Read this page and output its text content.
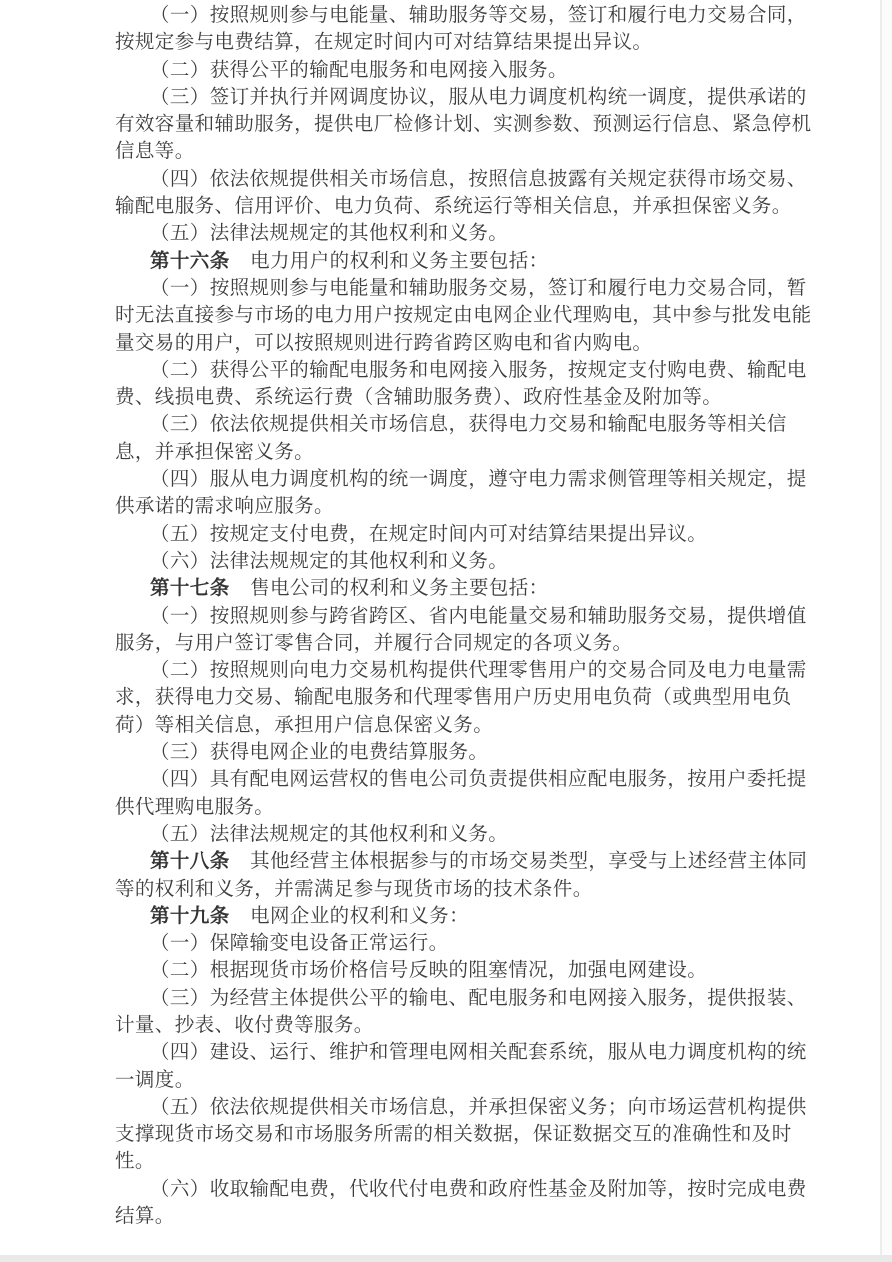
（一）按照规则参与电能量、辅助服务等交易，签订和履行电力交易合同，
按规定参与电费结算，在规定时间内可对结算结果提出异议。
（二）获得公平的输配电服务和电网接入服务。
（三）签订并执行并网调度协议，服从电力调度机构统一调度，提供承诺的
有效容量和辅助服务，提供电厂检修计划、实测参数、预测运行信息、紧急停机
信息等。
（四）依法依规提供相关市场信息，按照信息披露有关规定获得市场交易、
输配电服务、信用评价、电力负荷、系统运行等相关信息，并承担保密义务。
（五）法律法规规定的其他权利和义务。
第十六条 电力用户的权利和义务主要包括：
（一）按照规则参与电能量和辅助服务交易，签订和履行电力交易合同，暂
时无法直接参与市场的电力用户按规定由电网企业代理购电，其中参与批发电能
量交易的用户，可以按照规则进行跨省跨区购电和省内购电。
（二）获得公平的输配电服务和电网接入服务，按规定支付购电费、输配电
费、线损电费、系统运行费（含辅助服务费）、政府性基金及附加等。
（三）依法依规提供相关市场信息，获得电力交易和输配电服务等相关信
息，并承担保密义务。
（四）服从电力调度机构的统一调度，遵守电力需求侧管理等相关规定，提
供承诺的需求响应服务。
（五）按规定支付电费，在规定时间内可对结算结果提出异议。
（六）法律法规规定的其他权利和义务。
第十七条 售电公司的权利和义务主要包括：
（一）按照规则参与跨省跨区、省内电能量交易和辅助服务交易，提供增值
服务，与用户签订零售合同，并履行合同规定的各项义务。
（二）按照规则向电力交易机构提供代理零售用户的交易合同及电力电量需
求，获得电力交易、输配电服务和代理零售用户历史用电负荷（或典型用电负
荷）等相关信息，承担用户信息保密义务。
（三）获得电网企业的电费结算服务。
（四）具有配电网运营权的售电公司负责提供相应配电服务，按用户委托提
供代理购电服务。
（五）法律法规规定的其他权利和义务。
第十八条 其他经营主体根据参与的市场交易类型，享受与上述经营主体同
等的权利和义务，并需满足参与现货市场的技术条件。
第十九条 电网企业的权利和义务：
（一）保障输变电设备正常运行。
（二）根据现货市场价格信号反映的阻塞情况，加强电网建设。
（三）为经营主体提供公平的输电、配电服务和电网接入服务，提供报装、
计量、抄表、收付费等服务。
（四）建设、运行、维护和管理电网相关配套系统，服从电力调度机构的统
一调度。
（五）依法依规提供相关市场信息，并承担保密义务；向市场运营机构提供
支撑现货市场交易和市场服务所需的相关数据，保证数据交互的准确性和及时
性。
（六）收取输配电费，代收代付电费和政府性基金及附加等，按时完成电费
结算。
